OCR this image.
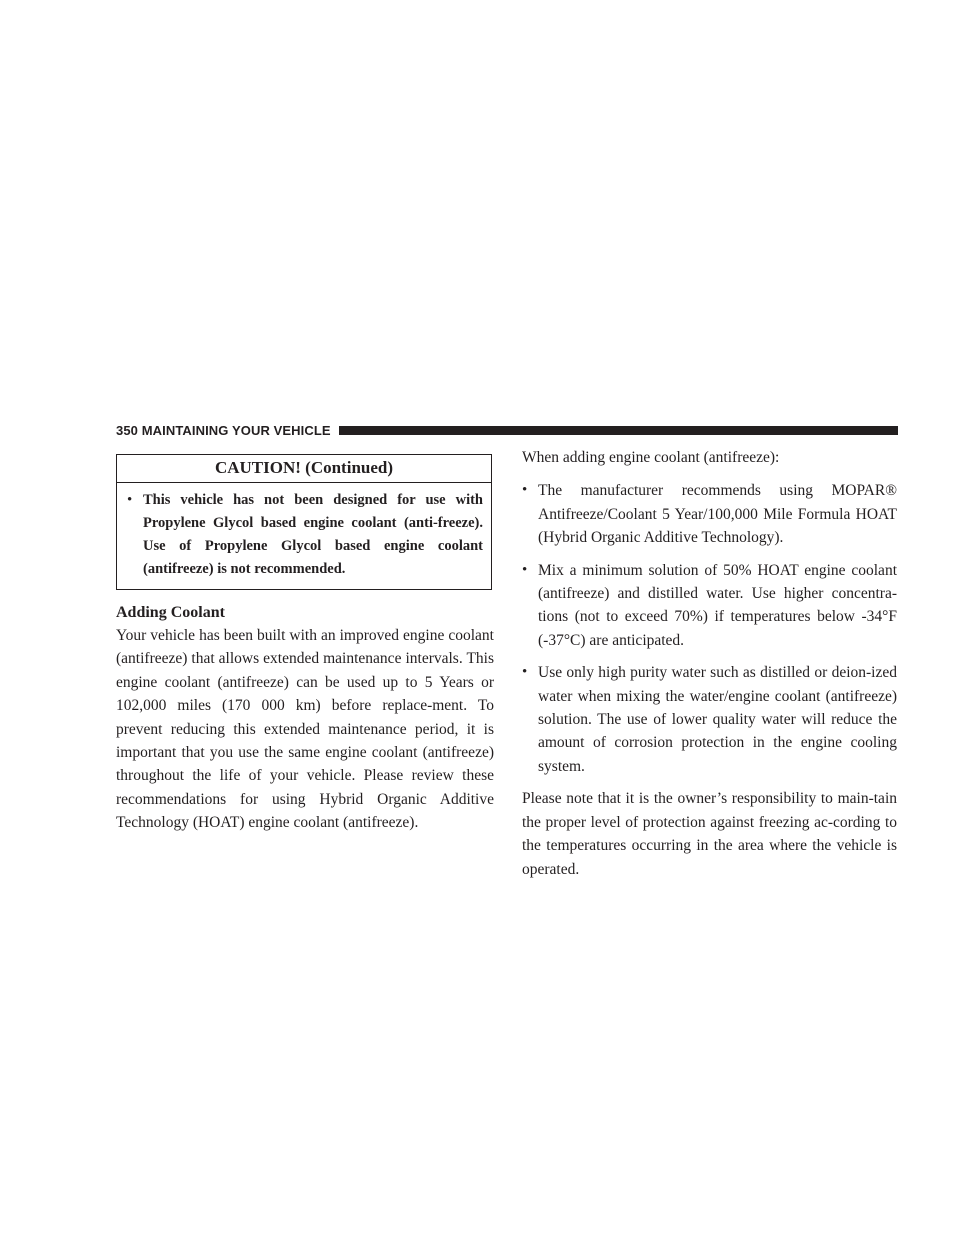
350 MAINTAINING YOUR VEHICLE
CAUTION! (Continued)
• This vehicle has not been designed for use with Propylene Glycol based engine coolant (anti-freeze). Use of Propylene Glycol based engine coolant (antifreeze) is not recommended.
Adding Coolant

Your vehicle has been built with an improved engine coolant (antifreeze) that allows extended maintenance intervals. This engine coolant (antifreeze) can be used up to 5 Years or 102,000 miles (170 000 km) before replace-ment. To prevent reducing this extended maintenance period, it is important that you use the same engine coolant (antifreeze) throughout the life of your vehicle. Please review these recommendations for using Hybrid Organic Additive Technology (HOAT) engine coolant (antifreeze).

When adding engine coolant (antifreeze):

• The manufacturer recommends using MOPAR® Antifreeze/Coolant 5 Year/100,000 Mile Formula HOAT (Hybrid Organic Additive Technology).
• Mix a minimum solution of 50% HOAT engine coolant (antifreeze) and distilled water. Use higher concentra-tions (not to exceed 70%) if temperatures below -34°F (-37°C) are anticipated.
• Use only high purity water such as distilled or deion-ized water when mixing the water/engine coolant (antifreeze) solution. The use of lower quality water will reduce the amount of corrosion protection in the engine cooling system.

Please note that it is the owner’s responsibility to main-tain the proper level of protection against freezing ac-cording to the temperatures occurring in the area where the vehicle is operated.
